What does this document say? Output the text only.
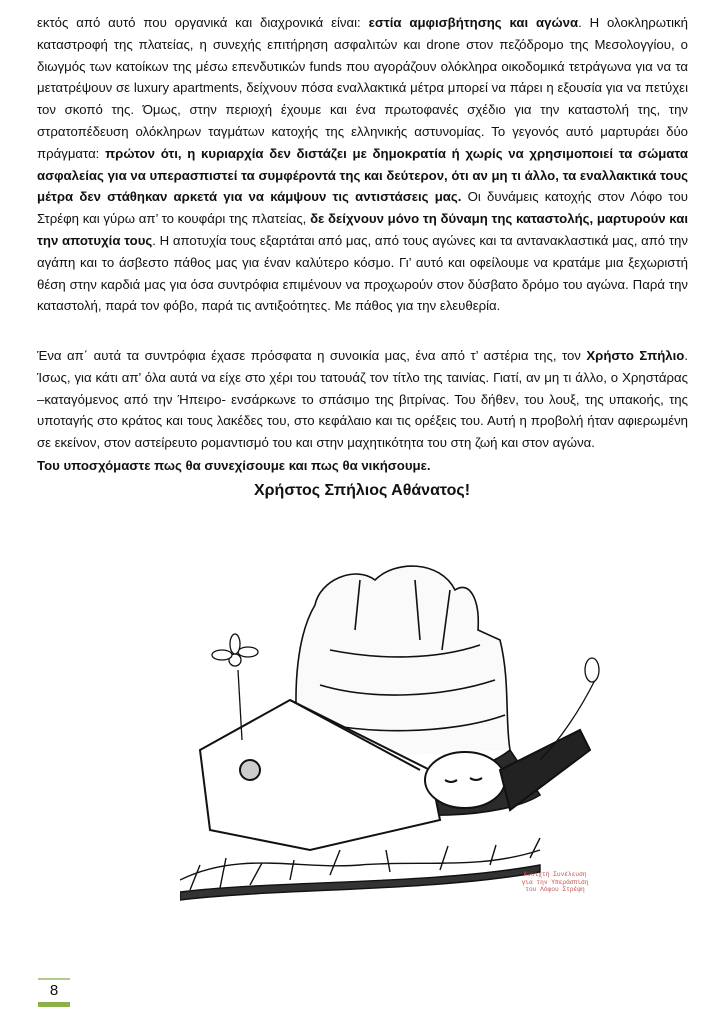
εκτός από αυτό που οργανικά και διαχρονικά είναι: εστία αμφισβήτησης και αγώνα. Η ολοκληρωτική καταστροφή της πλατείας, η συνεχής επιτήρηση ασφαλιτών και drone στον πεζόδρομο της Μεσολογγίου, ο διωγμός των κατοίκων της μέσω επενδυτικών funds που αγοράζουν ολόκληρα οικοδομικά τετράγωνα για να τα μετατρέψουν σε luxury apartments, δείχνουν πόσα εναλλακτικά μέτρα μπορεί να πάρει η εξουσία για να πετύχει τον σκοπό της. Όμως, στην περιοχή έχουμε και ένα πρωτοφανές σχέδιο για την καταστολή της, την στρατοπέδευση ολόκληρων ταγμάτων κατοχής της ελληνικής αστυνομίας. Το γεγονός αυτό μαρτυράει δύο πράγματα: πρώτον ότι, η κυριαρχία δεν διστάζει με δημοκρατία ή χωρίς να χρησιμοποιεί τα σώματα ασφαλείας για να υπερασπιστεί τα συμφέροντά της και δεύτερον, ότι αν μη τι άλλο, τα εναλλακτικά τους μέτρα δεν στάθηκαν αρκετά για να κάμψουν τις αντιστάσεις μας. Οι δυνάμεις κατοχής στον Λόφο του Στρέφη και γύρω απ’ το κουφάρι της πλατείας, δε δείχνουν μόνο τη δύναμη της καταστολής, μαρτυρούν και την αποτυχία τους. Η αποτυχία τους εξαρτάται από μας, από τους αγώνες και τα αντανακλαστικά μας, από την αγάπη και το άσβεστο πάθος μας για έναν καλύτερο κόσμο. Γι’ αυτό και οφείλουμε να κρατάμε μια ξεχωριστή θέση στην καρδιά μας για όσα συντρόφια επιμένουν να προχωρούν στον δύσβατο δρόμο του αγώνα. Παρά την καταστολή, παρά τον φόβο, παρά τις αντιξοότητες. Με πάθος για την ελευθερία.

Ένα απ΄ αυτά τα συντρόφια έχασε πρόσφατα η συνοικία μας, ένα από τ’ αστέρια της, τον Χρήστο Σπήλιο. Ίσως, για κάτι απ’ όλα αυτά να είχε στο χέρι του τατουάζ τον τίτλο της ταινίας. Γιατί, αν μη τι άλλο, ο Χρηστάρας –καταγόμενος από την Ήπειρο- ενσάρκωνε το σπάσιμο της βιτρίνας. Του δήθεν, του λουξ, της υπακοής, της υποταγής στο κράτος και τους λακέδες του, στο κεφάλαιο και τις ορέξεις του. Αυτή η προβολή ήταν αφιερωμένη σε εκείνον, στον αστείρευτο ρομαντισμό του και στην μαχητικότητα του στη ζωή και στον αγώνα.

Του υποσχόμαστε πως θα συνεχίσουμε και πως θα νικήσουμε.

Χρήστος Σπήλιος Αθάνατος!
Ανοιχτή Συνέλευση
για την Υπεράσπιση
του Λόφου Στρέφη
8
